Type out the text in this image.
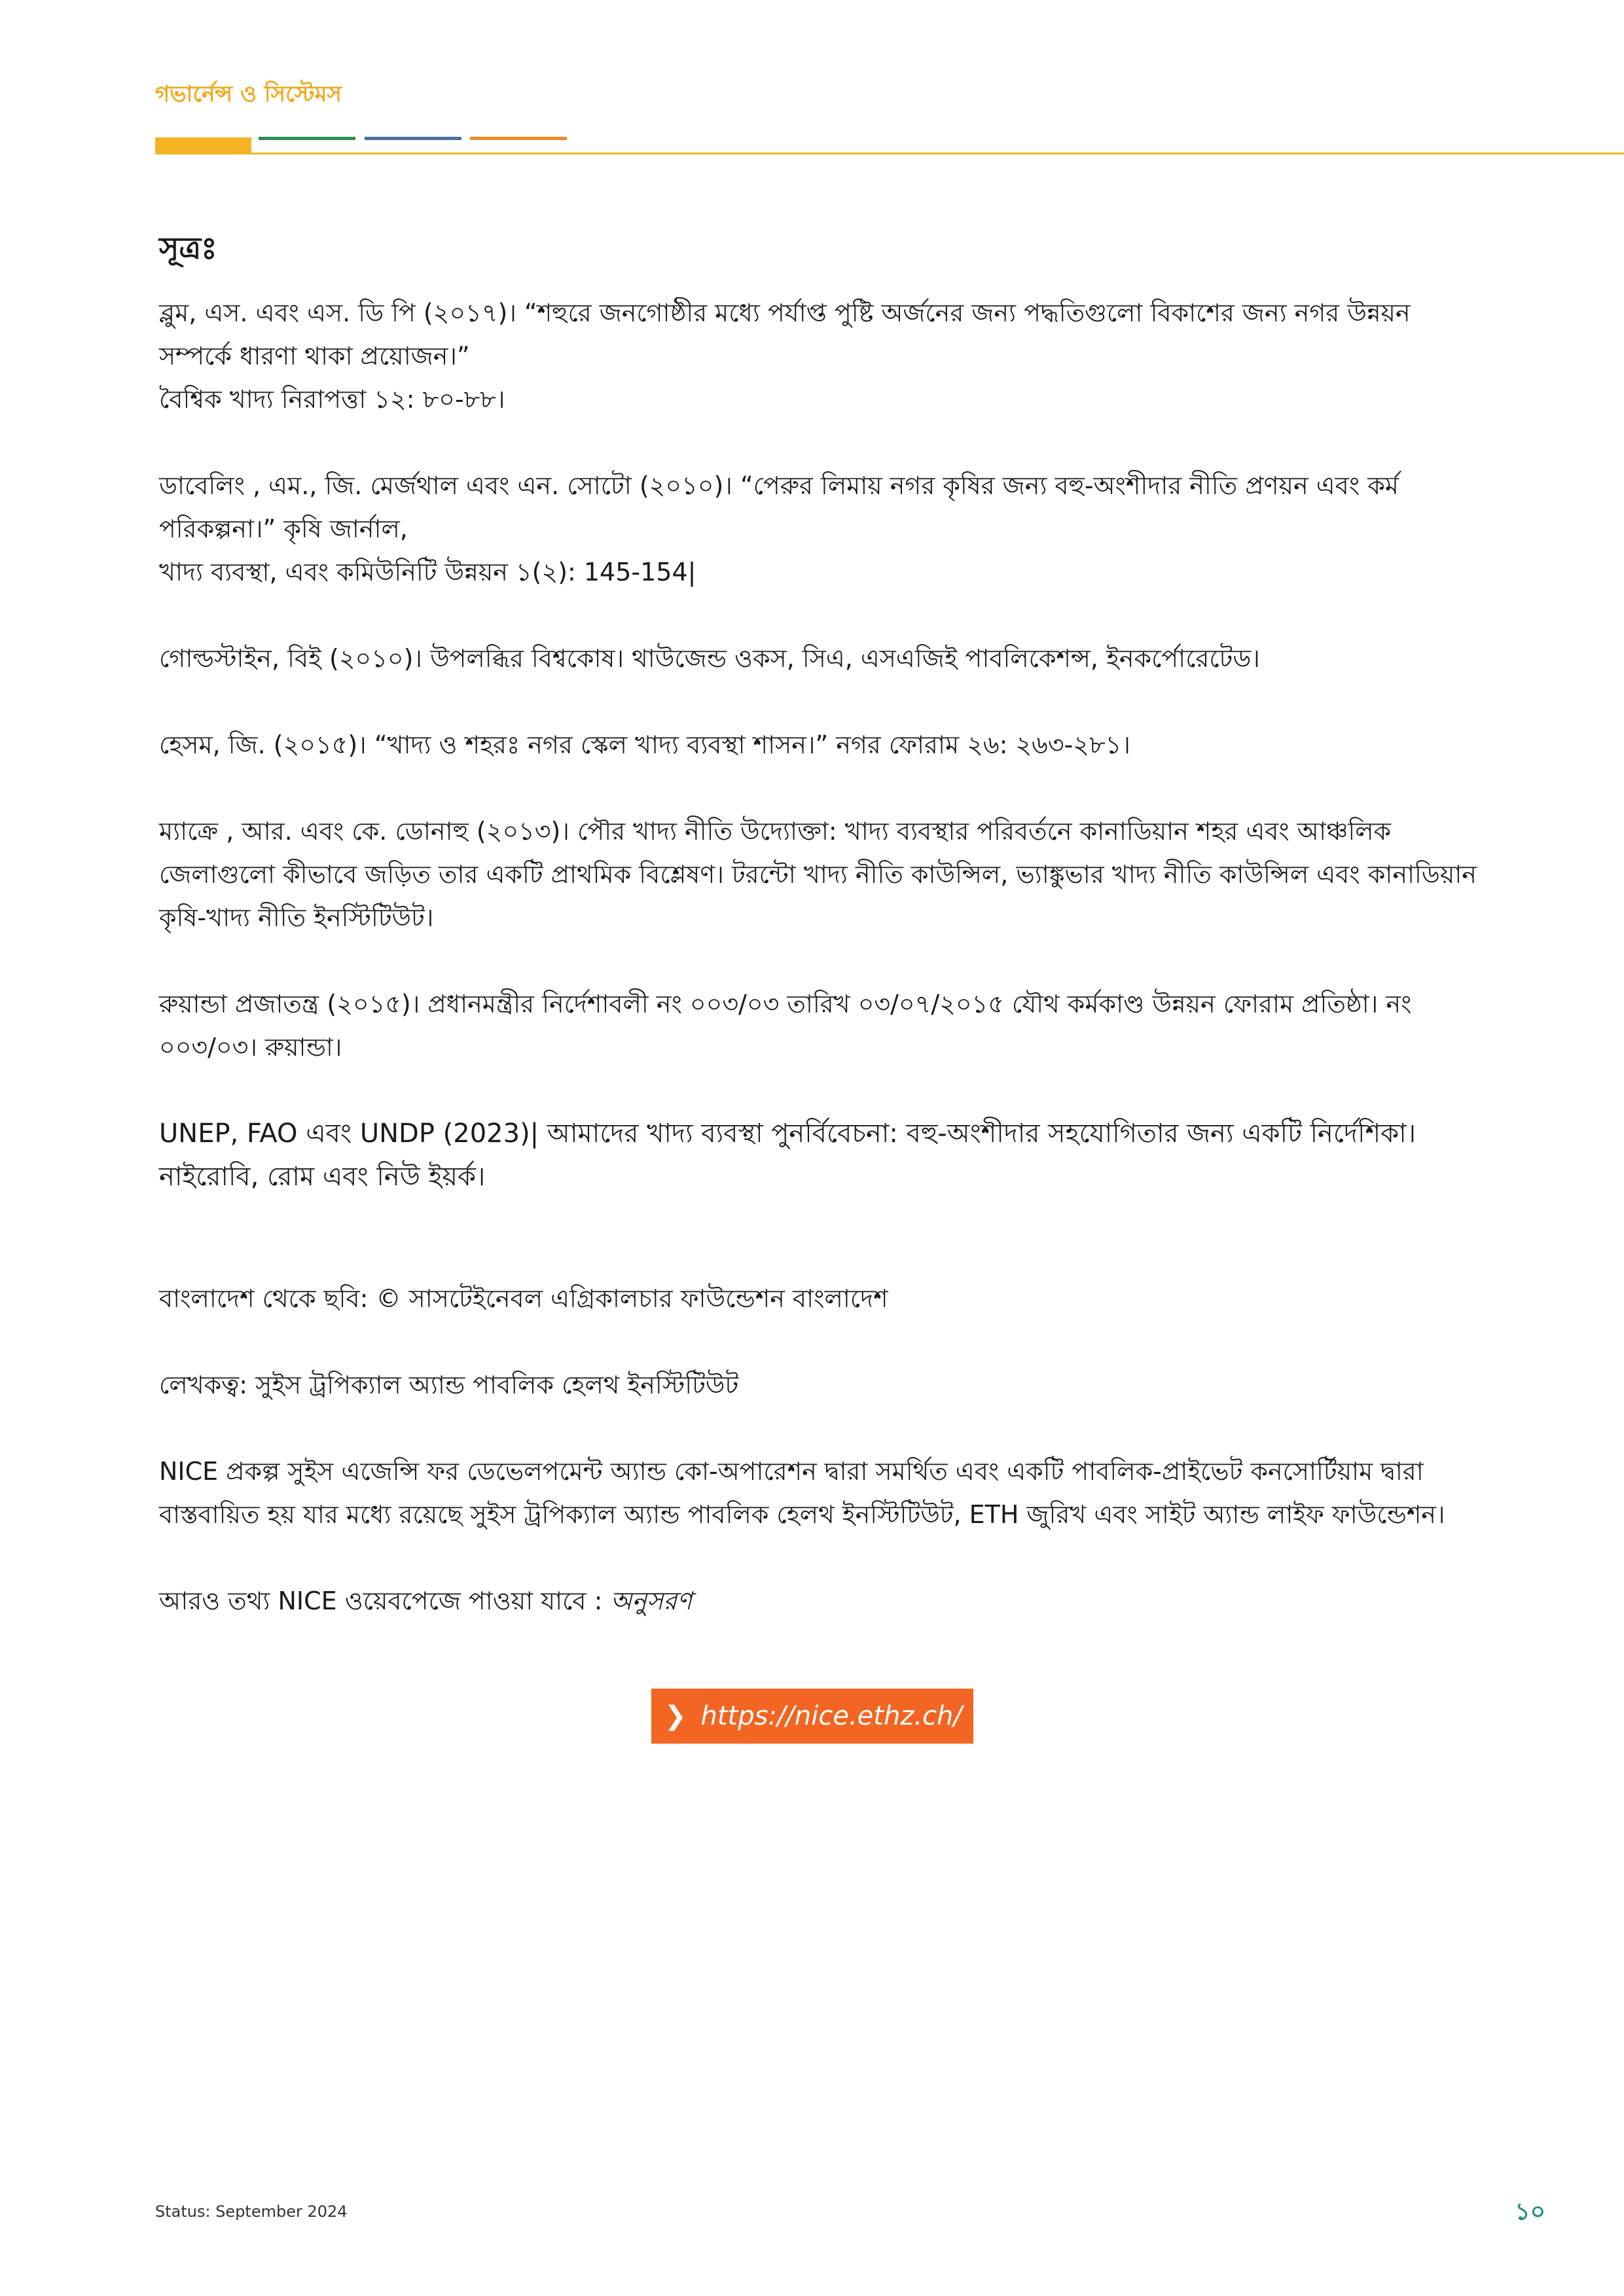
গভার্নেন্স ও সিস্টেমস
সূত্রঃ
ব্লুম, এস. এবং এস. ডি পি (২০১৭)। “শহুরে জনগোষ্ঠীর মধ্যে পর্যাপ্ত পুষ্টি অর্জনের জন্য পদ্ধতিগুলো বিকাশের জন্য নগর উন্নয়ন
সম্পর্কে ধারণা থাকা প্রয়োজন।”
বৈশ্বিক খাদ্য নিরাপত্তা ১২: ৮০-৮৮।
ডাবেলিং , এম., জি. মের্জথাল এবং এন. সোটো (২০১০)। “পেরুর লিমায় নগর কৃষির জন্য বহু-অংশীদার নীতি প্রণয়ন এবং কর্ম
পরিকল্পনা।” কৃষি জার্নাল,
খাদ্য ব্যবস্থা, এবং কমিউনিটি উন্নয়ন ১(২): 145-154|
গোল্ডস্টাইন, বিই (২০১০)। উপলব্ধির বিশ্বকোষ। থাউজেন্ড ওকস, সিএ, এসএজিই পাবলিকেশন্স, ইনকর্পোরেটেড।
হেসম, জি. (২০১৫)। “খাদ্য ও শহরঃ নগর স্কেল খাদ্য ব্যবস্থা শাসন।” নগর ফোরাম ২৬: ২৬৩-২৮১।
ম্যাক্রে , আর. এবং কে. ডোনাহু (২০১৩)। পৌর খাদ্য নীতি উদ্যোক্তা: খাদ্য ব্যবস্থার পরিবর্তনে কানাডিয়ান শহর এবং আঞ্চলিক
জেলাগুলো কীভাবে জড়িত তার একটি প্রাথমিক বিশ্লেষণ। টরন্টো খাদ্য নীতি কাউন্সিল, ভ্যাঙ্কুভার খাদ্য নীতি কাউন্সিল এবং কানাডিয়ান
কৃষি-খাদ্য নীতি ইনস্টিটিউট।
রুয়ান্ডা প্রজাতন্ত্র (২০১৫)। প্রধানমন্ত্রীর নির্দেশাবলী নং ০০৩/০৩ তারিখ ০৩/০৭/২০১৫ যৌথ কর্মকাণ্ড উন্নয়ন ফোরাম প্রতিষ্ঠা। নং
০০৩/০৩। রুয়ান্ডা।
UNEP, FAO এবং UNDP (2023)| আমাদের খাদ্য ব্যবস্থা পুনর্বিবেচনা: বহু-অংশীদার সহযোগিতার জন্য একটি নির্দেশিকা।
নাইরোবি, রোম এবং নিউ ইয়র্ক।
বাংলাদেশ থেকে ছবি: © সাসটেইনেবল এগ্রিকালচার ফাউন্ডেশন বাংলাদেশ
লেখকত্ব: সুইস ট্রপিক্যাল অ্যান্ড পাবলিক হেলথ ইনস্টিটিউট
NICE প্রকল্প সুইস এজেন্সি ফর ডেভেলপমেন্ট অ্যান্ড কো-অপারেশন দ্বারা সমর্থিত এবং একটি পাবলিক-প্রাইভেট কনসোর্টিয়াম দ্বারা
বাস্তবায়িত হয় যার মধ্যে রয়েছে সুইস ট্রপিক্যাল অ্যান্ড পাবলিক হেলথ ইনস্টিটিউট, ETH জুরিখ এবং সাইট অ্যান্ড লাইফ ফাউন্ডেশন।
আরও তথ্য NICE ওয়েবপেজে পাওয়া যাবে : অনুসরণ
❯ https://nice.ethz.ch/
Status: September 2024	১০
